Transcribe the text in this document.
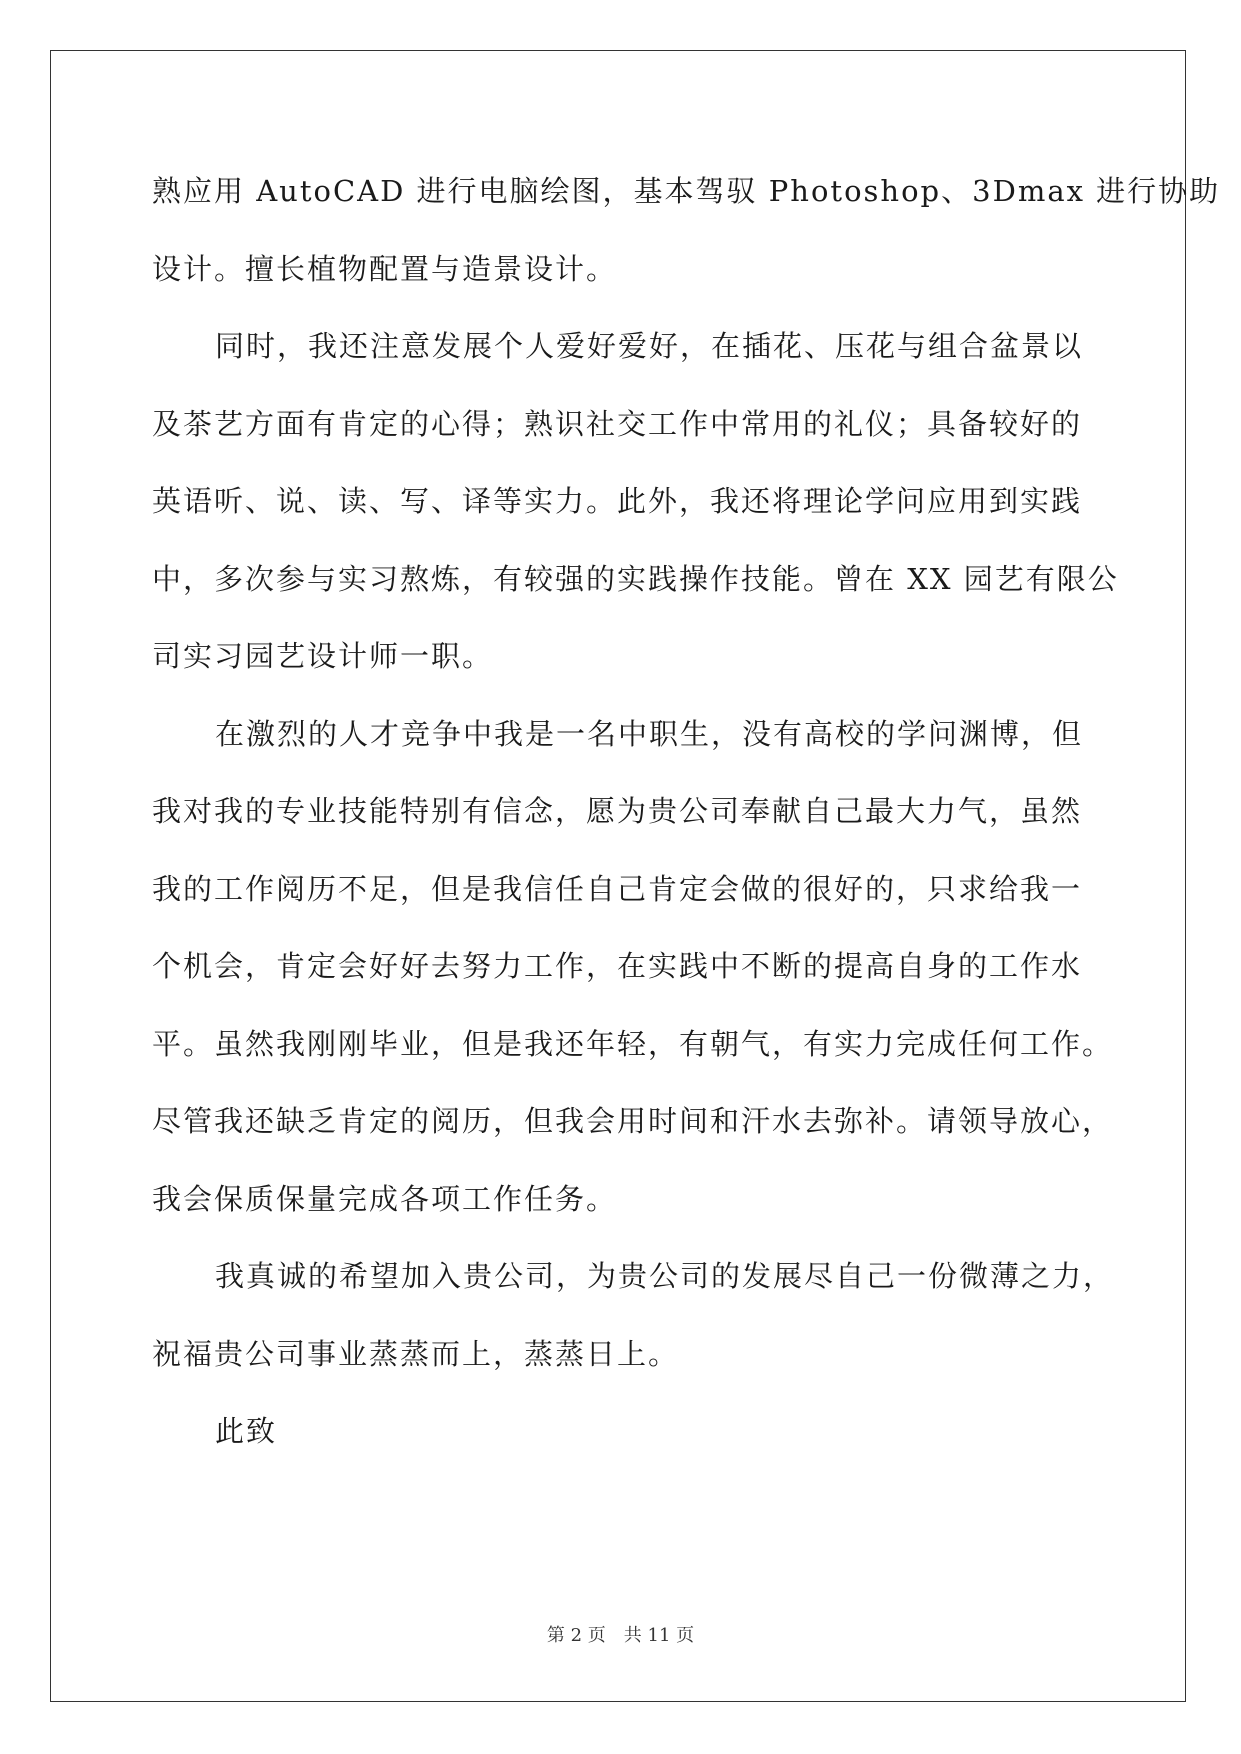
熟应用 AutoCAD 进行电脑绘图，基本驾驭 Photoshop、3Dmax 进行协助
设计。擅长植物配置与造景设计。
同时，我还注意发展个人爱好爱好，在插花、压花与组合盆景以
及茶艺方面有肯定的心得；熟识社交工作中常用的礼仪；具备较好的
英语听、说、读、写、译等实力。此外，我还将理论学问应用到实践
中，多次参与实习熬炼，有较强的实践操作技能。曾在 XX 园艺有限公
司实习园艺设计师一职。
在激烈的人才竞争中我是一名中职生，没有高校的学问渊博，但
我对我的专业技能特别有信念，愿为贵公司奉献自己最大力气，虽然
我的工作阅历不足，但是我信任自己肯定会做的很好的，只求给我一
个机会，肯定会好好去努力工作，在实践中不断的提高自身的工作水
平。虽然我刚刚毕业，但是我还年轻，有朝气，有实力完成任何工作。
尽管我还缺乏肯定的阅历，但我会用时间和汗水去弥补。请领导放心，
我会保质保量完成各项工作任务。
我真诚的希望加入贵公司，为贵公司的发展尽自己一份微薄之力，
祝福贵公司事业蒸蒸而上，蒸蒸日上。
此致
第 2 页　共 11 页
